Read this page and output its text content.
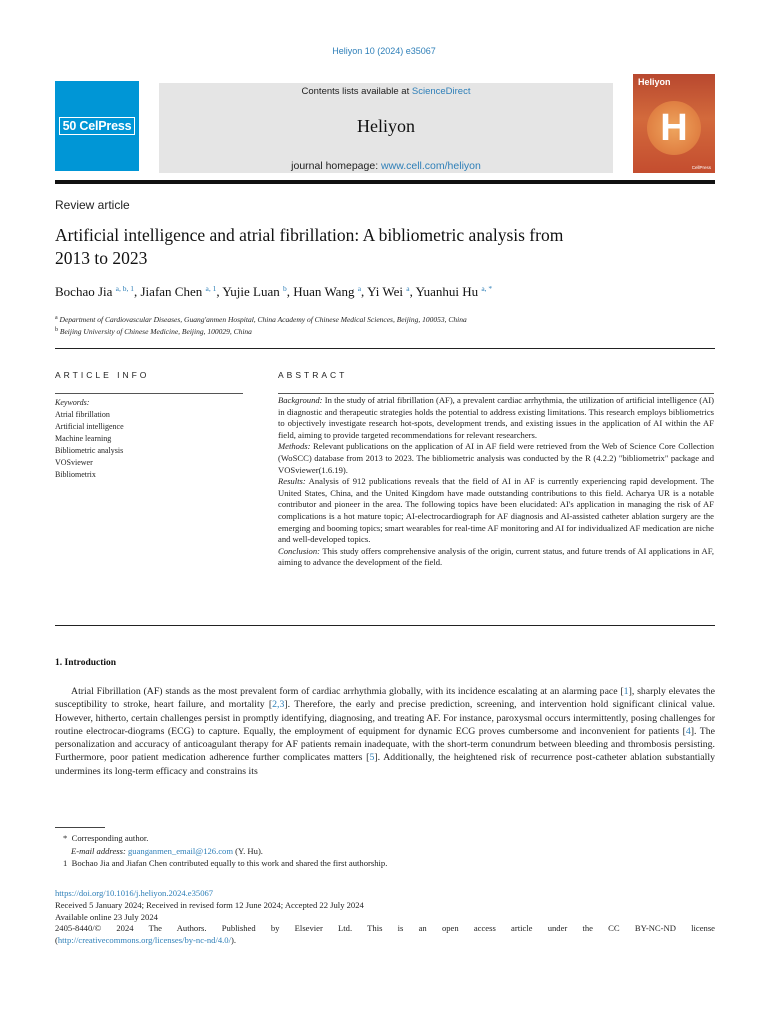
Heliyon 10 (2024) e35067
50 CelPress
Contents lists available at ScienceDirect
Heliyon
journal homepage: www.cell.com/heliyon
Heliyon
H
CellPress
Review article
Artificial intelligence and atrial fibrillation: A bibliometric analysis from 2013 to 2023
Bochao Jia $^{a, b, 1}$, Jiafan Chen $^{a, 1}$, Yujie Luan $^b$, Huan Wang $^a$, Yi Wei $^a$, Yuanhui Hu $^{a, *}$
$^a$ Department of Cardiovascular Diseases, Guang'anmen Hospital, China Academy of Chinese Medical Sciences, Beijing, 100053, China
$^b$ Beijing University of Chinese Medicine, Beijing, 100029, China
ARTICLE INFO	ABSTRACT
Keywords:
Atrial fibrillation
Artificial intelligence
Machine learning
Bibliometric analysis
VOSviewer
Bibliometrix
Background: In the study of atrial fibrillation (AF), a prevalent cardiac arrhythmia, the utilization of artificial intelligence (AI) in diagnostic and therapeutic strategies holds the potential to address existing limitations. This research employs bibliometrics to objectively investigate research hot-spots, development trends, and existing issues in the application of AI within the AF field, aiming to provide targeted recommendations for relevant researchers.
Methods: Relevant publications on the application of AI in AF field were retrieved from the Web of Science Core Collection (WoSCC) database from 2013 to 2023. The bibliometric analysis was conducted by the R (4.2.2) "bibliometrix" package and VOSviewer(1.6.19).
Results: Analysis of 912 publications reveals that the field of AI in AF is currently experiencing rapid development. The United States, China, and the United Kingdom have made outstanding contributions to this field. Acharya UR is a notable contributor and pioneer in the area. The following topics have been elucidated: AI's application in managing the risk of AF complications is a hot mature topic; AI-electrocardiograph for AF diagnosis and AI-assisted catheter ablation surgery are the emerging and booming topics; smart wearables for real-time AF monitoring and AI for individualized AF medication are niche and well-developed topics.
Conclusion: This study offers comprehensive analysis of the origin, current status, and future trends of AI applications in AF, aiming to advance the development of the field.
1. Introduction
Atrial Fibrillation (AF) stands as the most prevalent form of cardiac arrhythmia globally, with its incidence escalating at an alarming pace [1], sharply elevates the susceptibility to stroke, heart failure, and mortality [2,3]. Therefore, the early and precise prediction, screening, and intervention hold significant clinical value. However, hitherto, certain challenges persist in promptly identifying, diagnosing, and treating AF. For instance, paroxysmal occurs intermittently, posing challenges for routine electrocar-diograms (ECG) to capture. Equally, the employment of equipment for dynamic ECG proves cumbersome and inconvenient for patients [4]. The personalization and accuracy of anticoagulant therapy for AF patients remain inadequate, with the short-term conundrum between bleeding and thrombosis persisting. Furthermore, poor patient medication adherence further complicates matters [5]. Additionally, the heightened risk of recurrence post-catheter ablation substantially undermines its long-term efficacy and constrains its
* Corresponding author.
E-mail address: guanganmen_email@126.com (Y. Hu).
1 Bochao Jia and Jiafan Chen contributed equally to this work and shared the first authorship.
https://doi.org/10.1016/j.heliyon.2024.e35067
Received 5 January 2024; Received in revised form 12 June 2024; Accepted 22 July 2024
Available online 23 July 2024
2405-8440/© 2024 The Authors. Published by Elsevier Ltd. This is an open access article under the CC BY-NC-ND license
(http://creativecommons.org/licenses/by-nc-nd/4.0/).
